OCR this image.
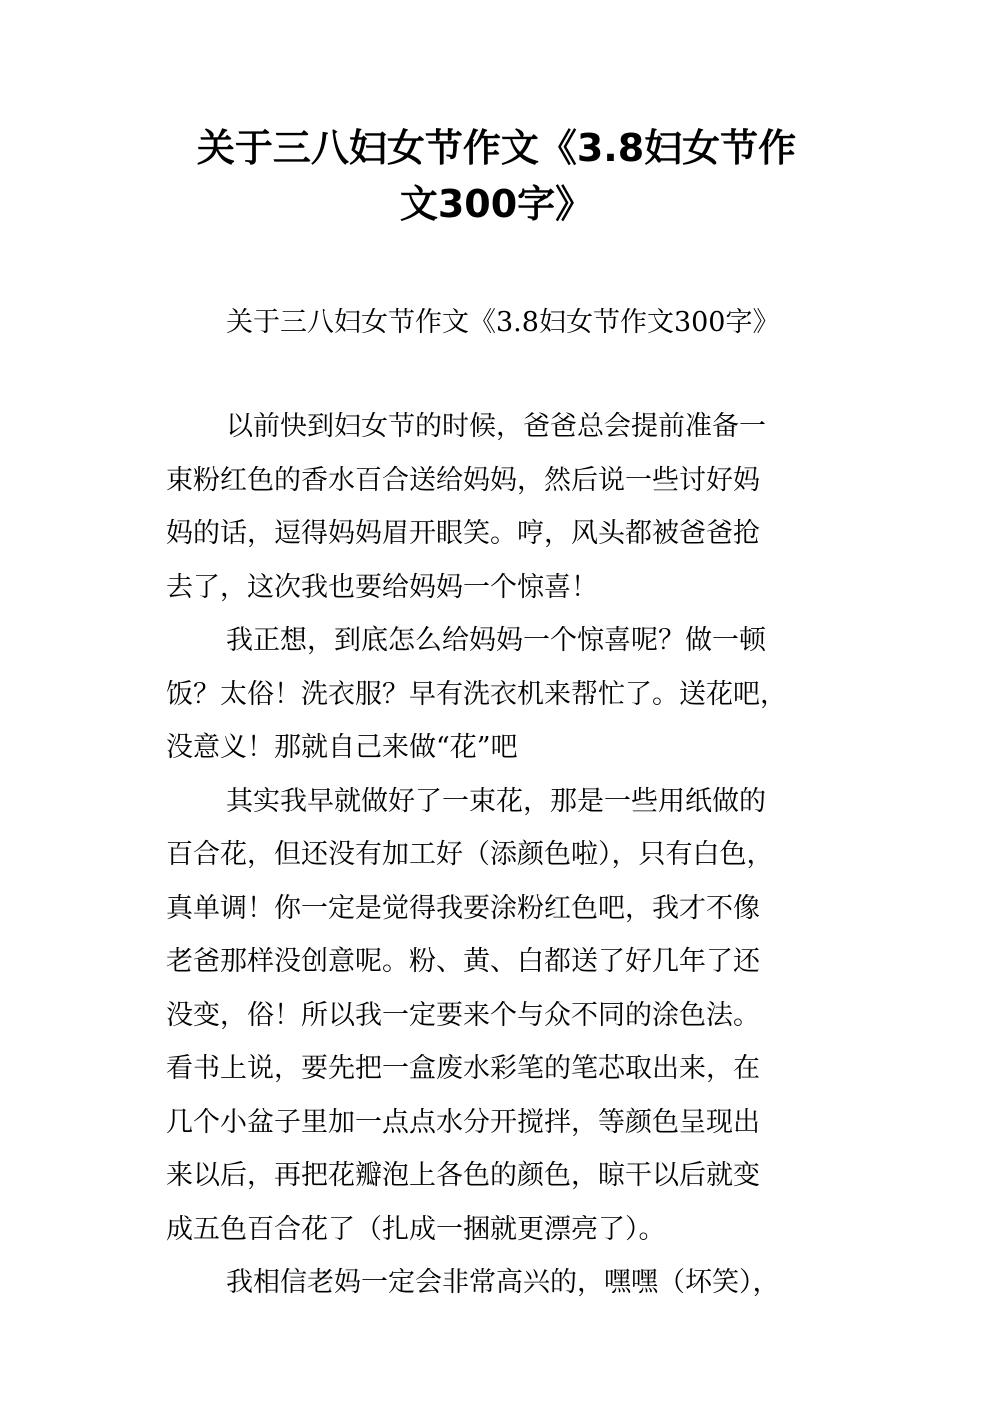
关于三八妇女节作文《3.8妇女节作
文300字》
关于三八妇女节作文《3.8妇女节作文300字》
以前快到妇女节的时候，爸爸总会提前准备一
束粉红色的香水百合送给妈妈，然后说一些讨好妈
妈的话，逗得妈妈眉开眼笑。哼，风头都被爸爸抢
去了，这次我也要给妈妈一个惊喜！
我正想，到底怎么给妈妈一个惊喜呢？做一顿
饭？太俗！洗衣服？早有洗衣机来帮忙了。送花吧，
没意义！那就自己来做“花”吧
其实我早就做好了一束花，那是一些用纸做的
百合花，但还没有加工好（添颜色啦），只有白色，
真单调！你一定是觉得我要涂粉红色吧，我才不像
老爸那样没创意呢。粉、黄、白都送了好几年了还
没变，俗！所以我一定要来个与众不同的涂色法。
看书上说，要先把一盒废水彩笔的笔芯取出来，在
几个小盆子里加一点点水分开搅拌，等颜色呈现出
来以后，再把花瓣泡上各色的颜色，晾干以后就变
成五色百合花了（扎成一捆就更漂亮了）。
我相信老妈一定会非常高兴的，嘿嘿（坏笑），
